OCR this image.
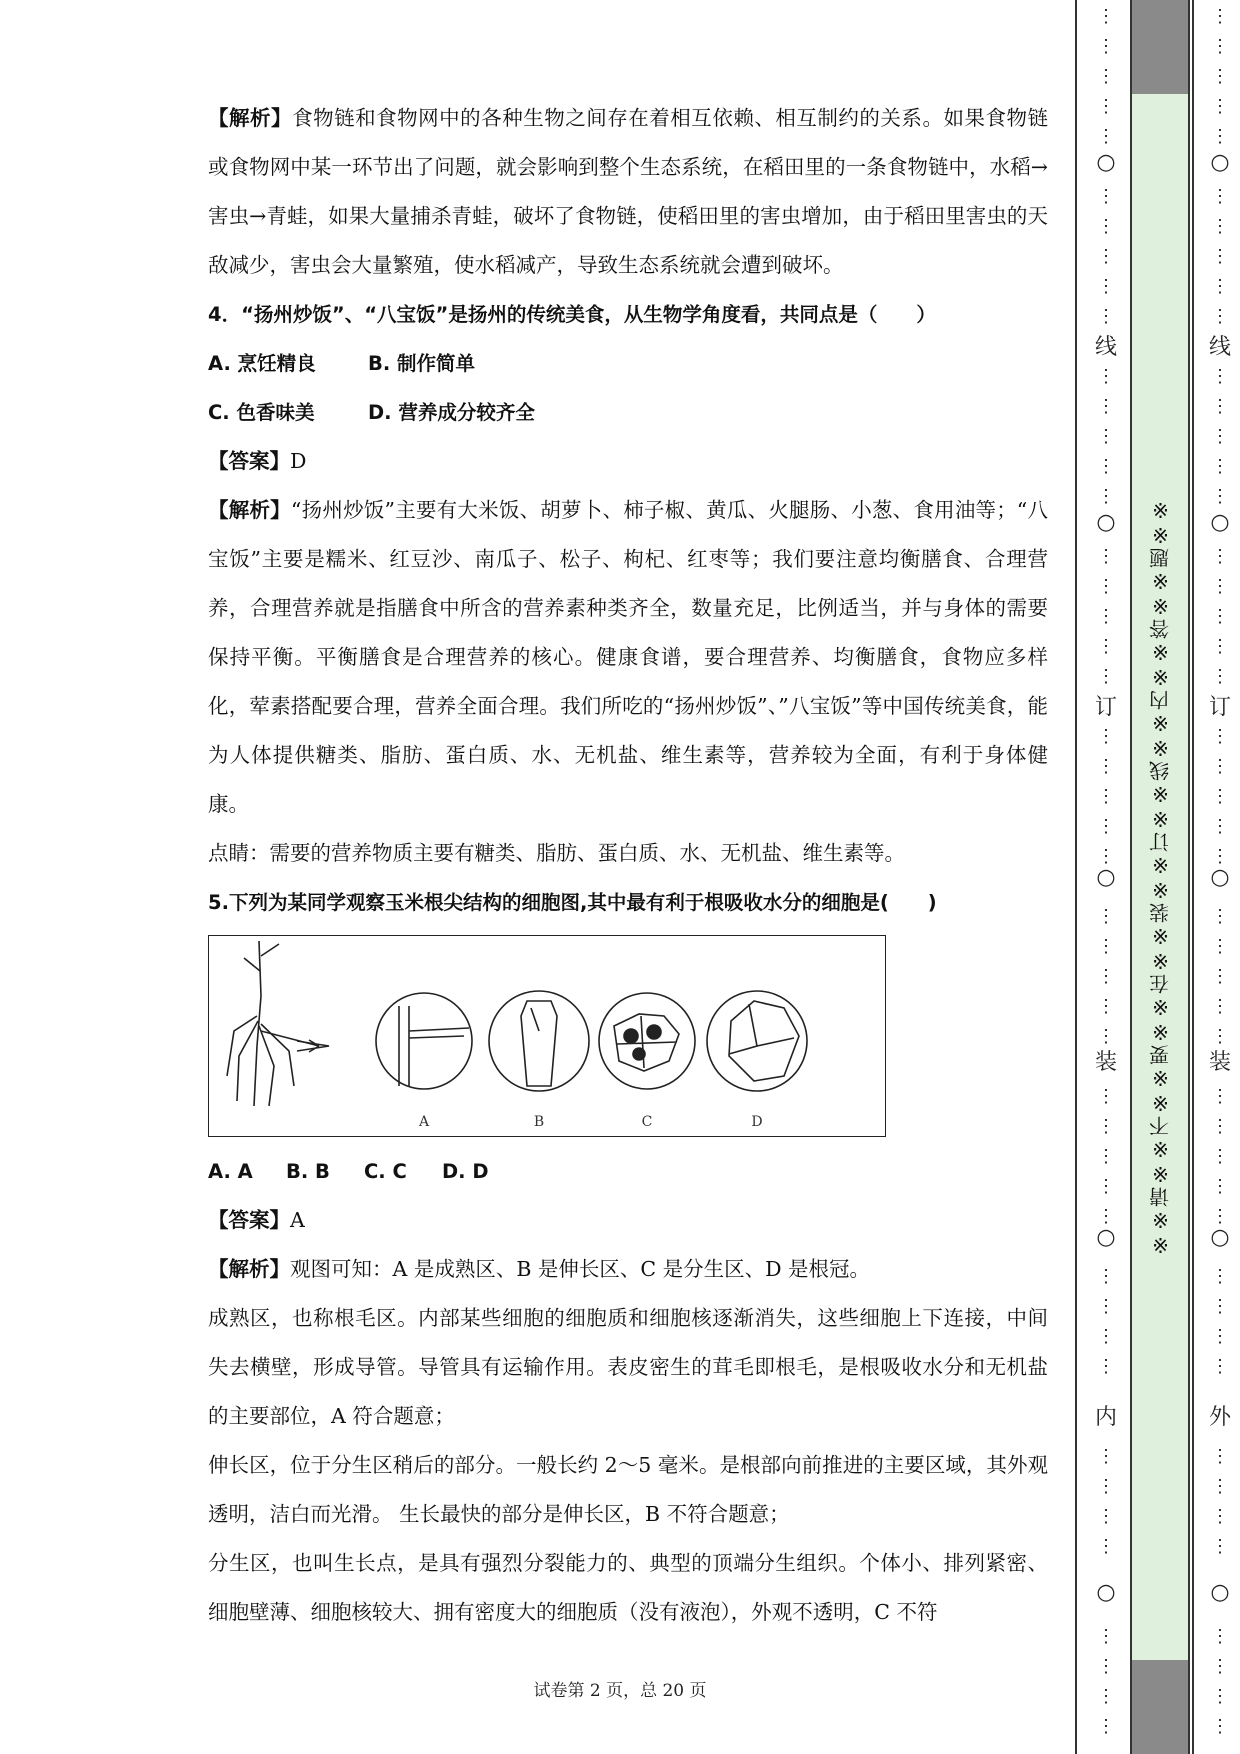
【解析】食物链和食物网中的各种生物之间存在着相互依赖、相互制约的关系。如果食物链或食物网中某一环节出了问题，就会影响到整个生态系统，在稻田里的一条食物链中，水稻→害虫→青蛙，如果大量捕杀青蛙，破坏了食物链，使稻田里的害虫增加，由于稻田里害虫的天敌减少，害虫会大量繁殖，使水稻减产，导致生态系统就会遭到破坏。

4．“扬州炒饭”、“八宝饭”是扬州的传统美食，从生物学角度看，共同点是（　　）

A. 烹饪精良	B. 制作简单

C. 色香味美	D. 营养成分较齐全

【答案】D

【解析】“扬州炒饭”主要有大米饭、胡萝卜、柿子椒、黄瓜、火腿肠、小葱、食用油等；“八宝饭”主要是糯米、红豆沙、南瓜子、松子、枸杞、红枣等；我们要注意均衡膳食、合理营养，合理营养就是指膳食中所含的营养素种类齐全，数量充足，比例适当，并与身体的需要保持平衡。平衡膳食是合理营养的核心。健康食谱，要合理营养、均衡膳食，食物应多样化，荤素搭配要合理，营养全面合理。我们所吃的“扬州炒饭”、”八宝饭”等中国传统美食，能为人体提供糖类、脂肪、蛋白质、水、无机盐、维生素等，营养较为全面，有利于身体健康。

点睛：需要的营养物质主要有糖类、脂肪、蛋白质、水、无机盐、维生素等。

5.下列为某同学观察玉米根尖结构的细胞图,其中最有利于根吸收水分的细胞是(　　)

A	B	C	D

A. A B. B C. C D. D

【答案】A

【解析】观图可知：A 是成熟区、B 是伸长区、C 是分生区、D 是根冠。

成熟区，也称根毛区。内部某些细胞的细胞质和细胞核逐渐消失，这些细胞上下连接，中间失去横壁，形成导管。导管具有运输作用。表皮密生的茸毛即根毛，是根吸收水分和无机盐的主要部位，A 符合题意；

伸长区，位于分生区稍后的部分。一般长约 2～5 毫米。是根部向前推进的主要区域，其外观透明，洁白而光滑。 生长最快的部分是伸长区，B 不符合题意；

分生区，也叫生长点，是具有强烈分裂能力的、典型的顶端分生组织。个体小、排列紧密、细胞壁薄、细胞核较大、拥有密度大的细胞质（没有液泡），外观不透明，C 不符

试卷第 2 页，总 20 页
※※请※※不※※要※※在※※装※※订※※线※※内※※答※※题※※
○
线
○
订
○
装
○
内
○
⋮
⋮
⋮
⋮
⋮
⋮
⋮
⋮
⋮
⋮
⋮
⋮
⋮
⋮
⋮
⋮
⋮
⋮
⋮
⋮
⋮
⋮
⋮
⋮
⋮
⋮
⋮
⋮
⋮
⋮
⋮
⋮
⋮
⋮
⋮
⋮
⋮
⋮
⋮
⋮
⋮
⋮
⋮
⋮
⋮
⋮
⋮
○
线
○
订
○
装
○
外
○
⋮
⋮
⋮
⋮
⋮
⋮
⋮
⋮
⋮
⋮
⋮
⋮
⋮
⋮
⋮
⋮
⋮
⋮
⋮
⋮
⋮
⋮
⋮
⋮
⋮
⋮
⋮
⋮
⋮
⋮
⋮
⋮
⋮
⋮
⋮
⋮
⋮
⋮
⋮
⋮
⋮
⋮
⋮
⋮
⋮
⋮
⋮
